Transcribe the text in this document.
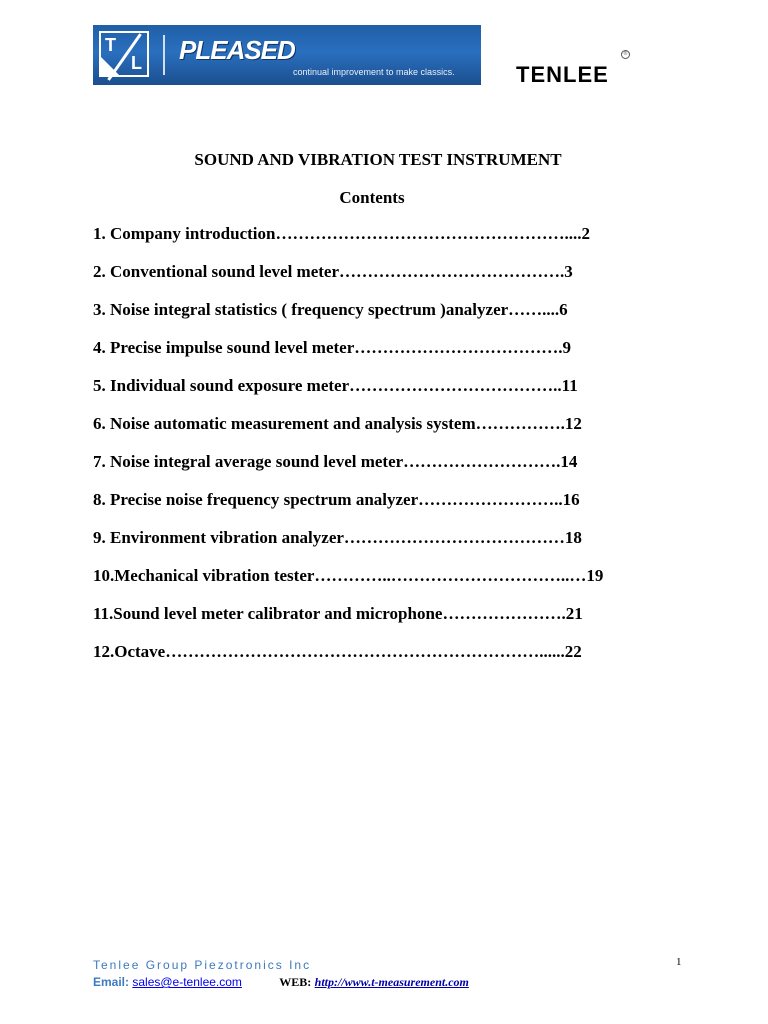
T
L PLEASED
continual improvement to make classics.	TENLEE
®
SOUND AND VIBRATION TEST INSTRUMENT
Contents
1. Company introduction……………………………………………....2
2. Conventional sound level meter………………………………….3
3. Noise integral statistics ( frequency spectrum )analyzer……....6
4. Precise impulse sound level meter……………………………….9
5. Individual sound exposure meter………………………………..11
6. Noise automatic measurement and analysis system…………….12
7. Noise integral average sound level meter……………………….14
8. Precise noise frequency spectrum analyzer……………………..16
9. Environment vibration analyzer…………………………………18
10.Mechanical vibration tester…………..…………………………..…19
11.Sound level meter calibrator and microphone………………….21
12.Octave…………………………………………………………......22
Tenlee Group Piezotronics Inc
Email: sales@e-tenlee.com	WEB: http://www.t-measurement.com
1
